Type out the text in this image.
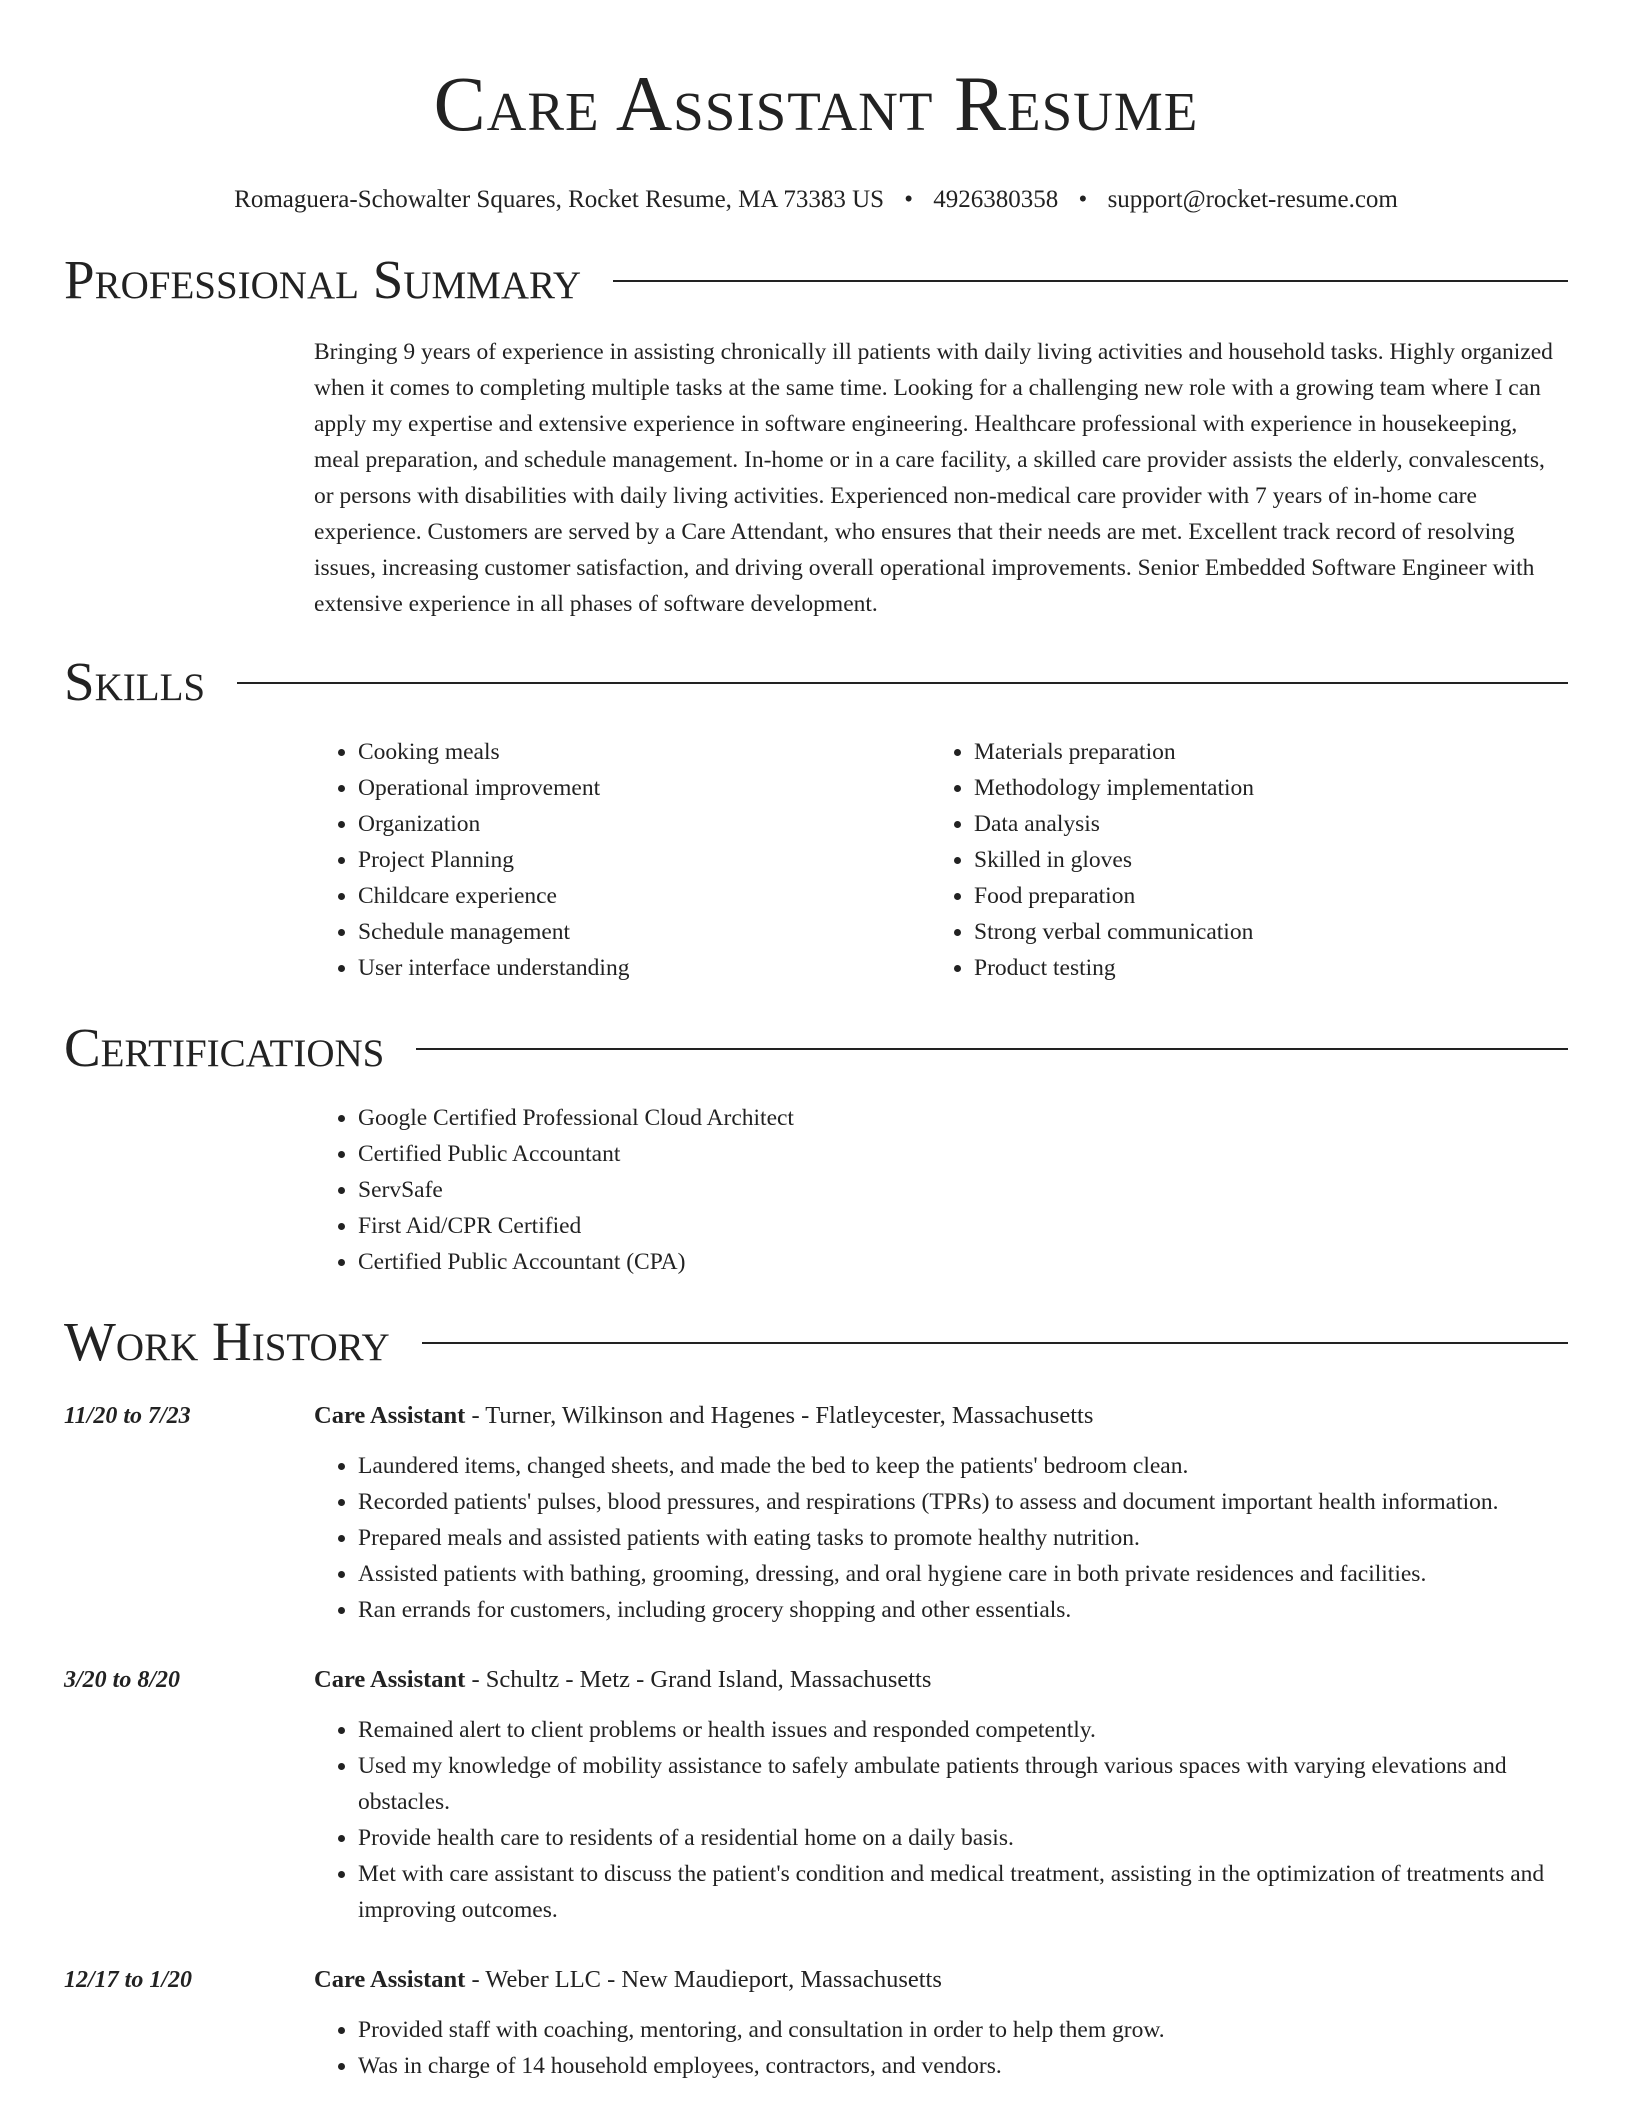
Care Assistant Resume
Romaguera-Schowalter Squares, Rocket Resume, MA 73383 US • 4926380358 • support@rocket-resume.com
Professional Summary

Bringing 9 years of experience in assisting chronically ill patients with daily living activities and household tasks. Highly organized when it comes to completing multiple tasks at the same time. Looking for a challenging new role with a growing team where I can apply my expertise and extensive experience in software engineering. Healthcare professional with experience in housekeeping, meal preparation, and schedule management. In-home or in a care facility, a skilled care provider assists the elderly, convalescents, or persons with disabilities with daily living activities. Experienced non-medical care provider with 7 years of in-home care experience. Customers are served by a Care Attendant, who ensures that their needs are met. Excellent track record of resolving issues, increasing customer satisfaction, and driving overall operational improvements. Senior Embedded Software Engineer with extensive experience in all phases of software development.

Skills
• Cooking meals
• Operational improvement
• Organization
• Project Planning
• Childcare experience
• Schedule management
• User interface understanding
• Materials preparation
• Methodology implementation
• Data analysis
• Skilled in gloves
• Food preparation
• Strong verbal communication
• Product testing
Certifications
• Google Certified Professional Cloud Architect
• Certified Public Accountant
• ServSafe
• First Aid/CPR Certified
• Certified Public Accountant (CPA)
Work History
11/20 to 7/23	Care Assistant - Turner, Wilkinson and Hagenes - Flatleycester, Massachusetts
• Laundered items, changed sheets, and made the bed to keep the patients' bedroom clean.
• Recorded patients' pulses, blood pressures, and respirations (TPRs) to assess and document important health information.
• Prepared meals and assisted patients with eating tasks to promote healthy nutrition.
• Assisted patients with bathing, grooming, dressing, and oral hygiene care in both private residences and facilities.
• Ran errands for customers, including grocery shopping and other essentials.
3/20 to 8/20	Care Assistant - Schultz - Metz - Grand Island, Massachusetts
• Remained alert to client problems or health issues and responded competently.
• Used my knowledge of mobility assistance to safely ambulate patients through various spaces with varying elevations and obstacles.
• Provide health care to residents of a residential home on a daily basis.
• Met with care assistant to discuss the patient's condition and medical treatment, assisting in the optimization of treatments and improving outcomes.
12/17 to 1/20	Care Assistant - Weber LLC - New Maudieport, Massachusetts
• Provided staff with coaching, mentoring, and consultation in order to help them grow.
• Was in charge of 14 household employees, contractors, and vendors.
